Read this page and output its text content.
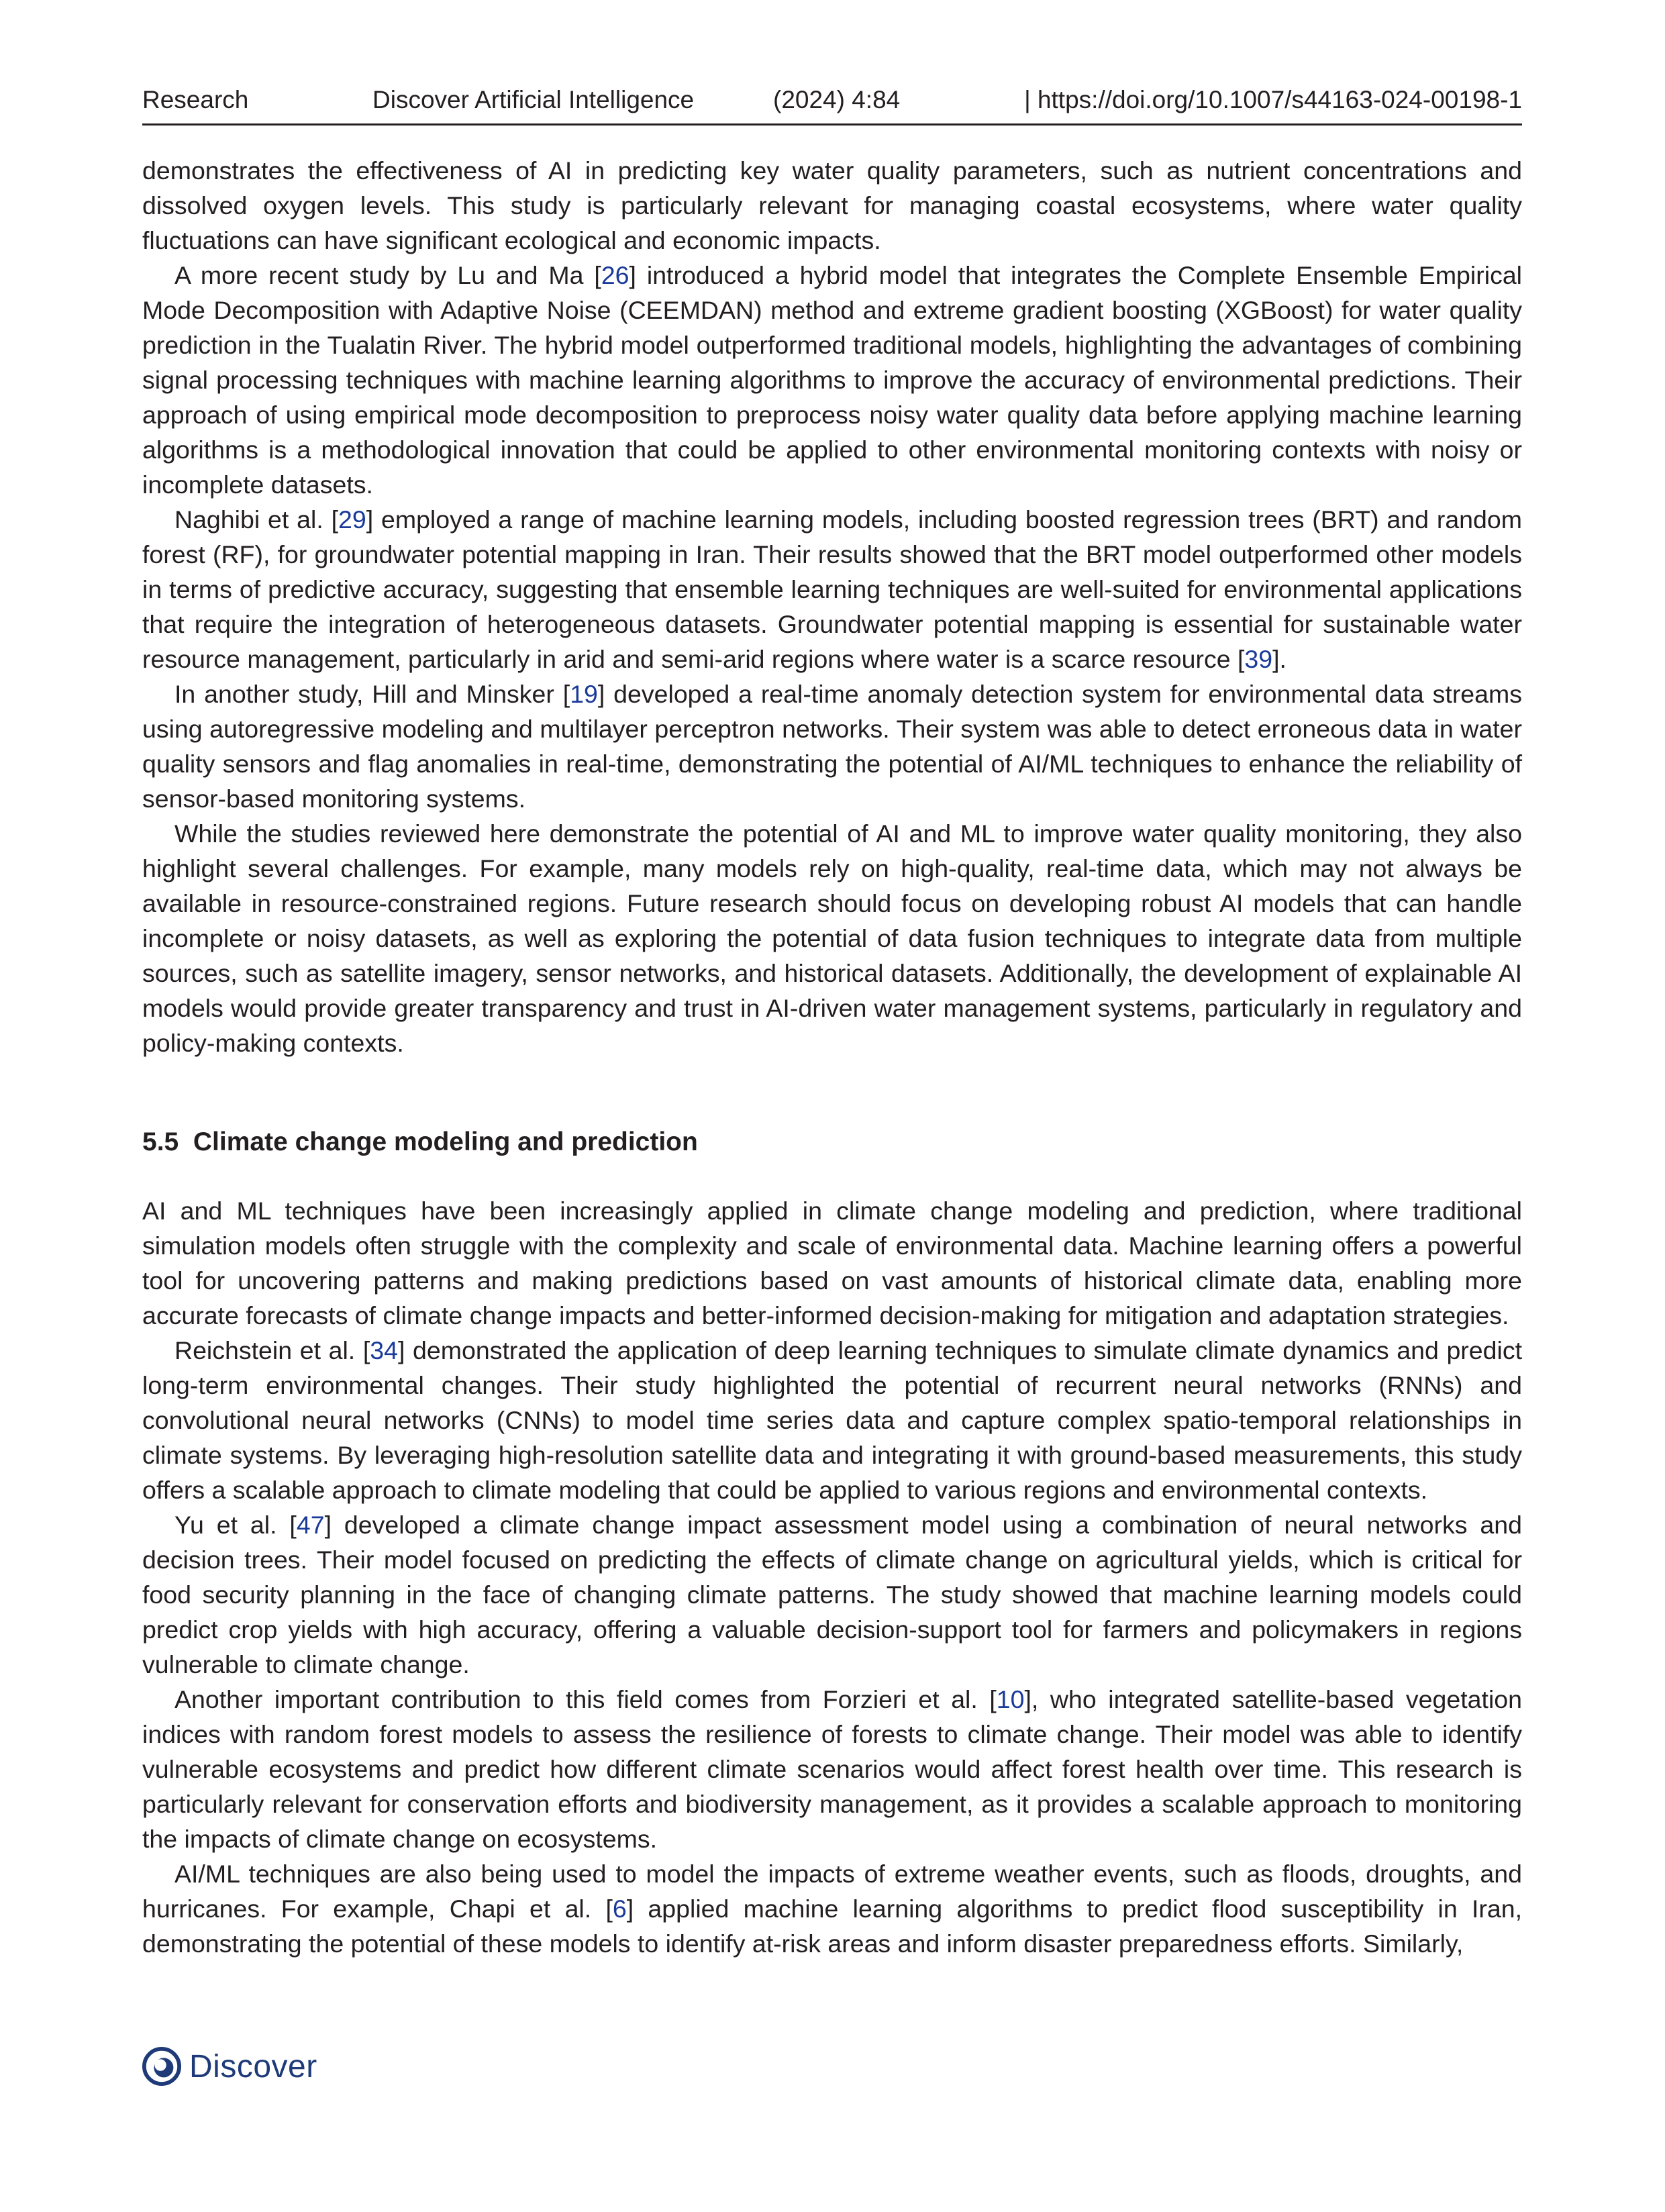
Research	Discover Artificial Intelligence	(2024) 4:84	| https://doi.org/10.1007/s44163-024-00198-1

demonstrates the effectiveness of AI in predicting key water quality parameters, such as nutrient concentrations and dissolved oxygen levels. This study is particularly relevant for managing coastal ecosystems, where water quality fluctuations can have significant ecological and economic impacts.

A more recent study by Lu and Ma [26] introduced a hybrid model that integrates the Complete Ensemble Empirical Mode Decomposition with Adaptive Noise (CEEMDAN) method and extreme gradient boosting (XGBoost) for water quality prediction in the Tualatin River. The hybrid model outperformed traditional models, highlighting the advantages of combining signal processing techniques with machine learning algorithms to improve the accuracy of environmental predictions. Their approach of using empirical mode decomposition to preprocess noisy water quality data before applying machine learning algorithms is a methodological innovation that could be applied to other environmental monitoring contexts with noisy or incomplete datasets.

Naghibi et al. [29] employed a range of machine learning models, including boosted regression trees (BRT) and random forest (RF), for groundwater potential mapping in Iran. Their results showed that the BRT model outperformed other models in terms of predictive accuracy, suggesting that ensemble learning techniques are well-suited for environmental applications that require the integration of heterogeneous datasets. Groundwater potential mapping is essential for sustainable water resource management, particularly in arid and semi-arid regions where water is a scarce resource [39].

In another study, Hill and Minsker [19] developed a real-time anomaly detection system for environmental data streams using autoregressive modeling and multilayer perceptron networks. Their system was able to detect erroneous data in water quality sensors and flag anomalies in real-time, demonstrating the potential of AI/ML techniques to enhance the reliability of sensor-based monitoring systems.

While the studies reviewed here demonstrate the potential of AI and ML to improve water quality monitoring, they also highlight several challenges. For example, many models rely on high-quality, real-time data, which may not always be available in resource-constrained regions. Future research should focus on developing robust AI models that can handle incomplete or noisy datasets, as well as exploring the potential of data fusion techniques to integrate data from multiple sources, such as satellite imagery, sensor networks, and historical datasets. Additionally, the development of explainable AI models would provide greater transparency and trust in AI-driven water management systems, particularly in regulatory and policy-making contexts.

5.5 Climate change modeling and prediction

AI and ML techniques have been increasingly applied in climate change modeling and prediction, where traditional simulation models often struggle with the complexity and scale of environmental data. Machine learning offers a powerful tool for uncovering patterns and making predictions based on vast amounts of historical climate data, enabling more accurate forecasts of climate change impacts and better-informed decision-making for mitigation and adaptation strategies.

Reichstein et al. [34] demonstrated the application of deep learning techniques to simulate climate dynamics and predict long-term environmental changes. Their study highlighted the potential of recurrent neural networks (RNNs) and convolutional neural networks (CNNs) to model time series data and capture complex spatio-temporal relationships in climate systems. By leveraging high-resolution satellite data and integrating it with ground-based measurements, this study offers a scalable approach to climate modeling that could be applied to various regions and environmental contexts.

Yu et al. [47] developed a climate change impact assessment model using a combination of neural networks and decision trees. Their model focused on predicting the effects of climate change on agricultural yields, which is critical for food security planning in the face of changing climate patterns. The study showed that machine learning models could predict crop yields with high accuracy, offering a valuable decision-support tool for farmers and policymakers in regions vulnerable to climate change.

Another important contribution to this field comes from Forzieri et al. [10], who integrated satellite-based vegetation indices with random forest models to assess the resilience of forests to climate change. Their model was able to identify vulnerable ecosystems and predict how different climate scenarios would affect forest health over time. This research is particularly relevant for conservation efforts and biodiversity management, as it provides a scalable approach to monitoring the impacts of climate change on ecosystems.

AI/ML techniques are also being used to model the impacts of extreme weather events, such as floods, droughts, and hurricanes. For example, Chapi et al. [6] applied machine learning algorithms to predict flood susceptibility in Iran, demonstrating the potential of these models to identify at-risk areas and inform disaster preparedness efforts. Similarly,

Discover
